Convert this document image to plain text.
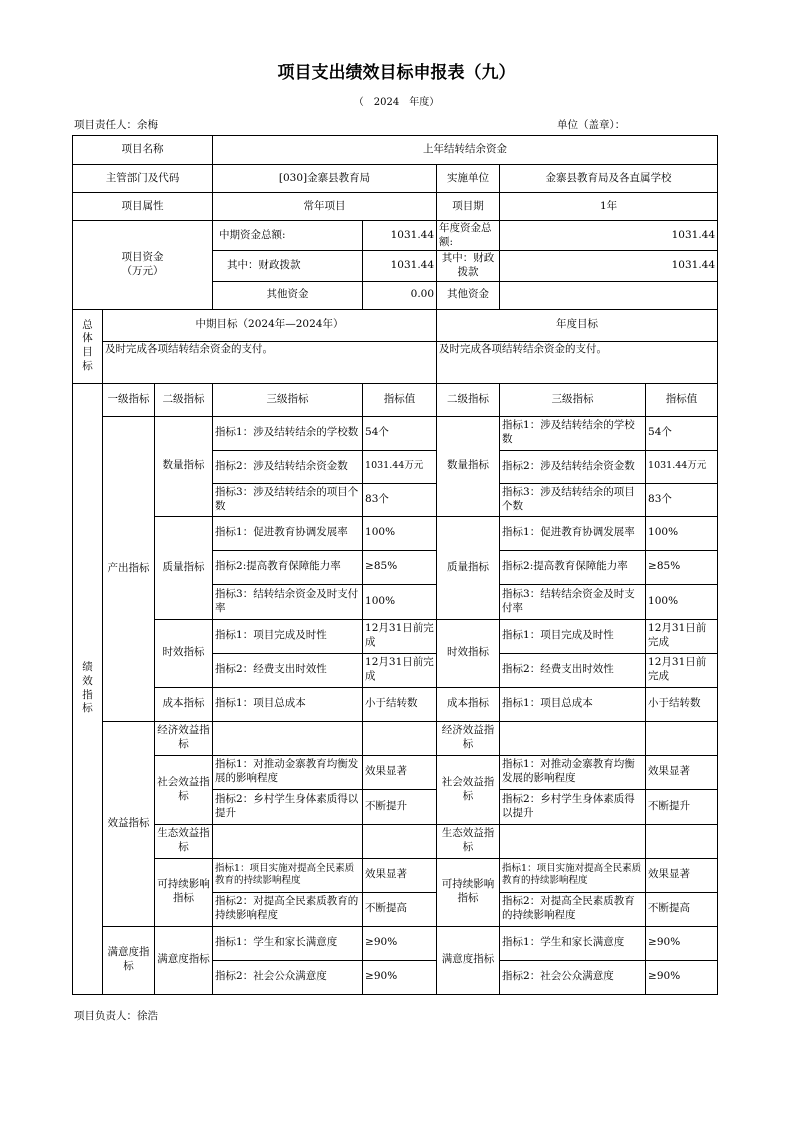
项目支出绩效目标申报表（九）
（　2024　年度）
项目责任人：余梅	单位（盖章）：
项目名称			上年结转结余资金				
主管部门及代码			[030]金寨县教育局		实施单位	金寨县教育局及各直属学校	
项目属性			常年项目		项目期	1年	
项目资金
（万元）			中期资金总额:	1031.44	年度资金总额:	1031.44	
			其中：财政拨款	1031.44	其中：财政拨款	1031.44	
			其他资金	0.00	其他资金		
总
体
目
标	中期目标（2024年—2024年）				年度目标		
	及时完成各项结转结余资金的支付。				及时完成各项结转结余资金的支付。		
绩
效
指
标	一级指标	二级指标	三级指标	指标值	二级指标	三级指标	指标值
	产出指标	数量指标	指标1：涉及结转结余的学校数	54个	数量指标	指标1：涉及结转结余的学校数	54个
			指标2：涉及结转结余资金数	1031.44万元		指标2：涉及结转结余资金数	1031.44万元
			指标3：涉及结转结余的项目个数	83个		指标3：涉及结转结余的项目个数	83个
		质量指标	指标1：促进教育协调发展率	100%	质量指标	指标1：促进教育协调发展率	100%
			指标2:提高教育保障能力率	≥85%		指标2:提高教育保障能力率	≥85%
			指标3：结转结余资金及时支付率	100%		指标3：结转结余资金及时支付率	100%
		时效指标	指标1：项目完成及时性	12月31日前完成	时效指标	指标1：项目完成及时性	12月31日前完成
			指标2：经费支出时效性	12月31日前完成		指标2：经费支出时效性	12月31日前完成
		成本指标	指标1：项目总成本	小于结转数	成本指标	指标1：项目总成本	小于结转数
	效益指标	经济效益指标			经济效益指标		
		社会效益指标	指标1：对推动金寨教育均衡发展的影响程度	效果显著	社会效益指标	指标1：对推动金寨教育均衡发展的影响程度	效果显著
			指标2：乡村学生身体素质得以提升	不断提升		指标2：乡村学生身体素质得以提升	不断提升
		生态效益指标			生态效益指标		
		可持续影响指标	指标1：项目实施对提高全民素质教育的持续影响程度	效果显著	可持续影响指标	指标1：项目实施对提高全民素质教育的持续影响程度	效果显著
			指标2：对提高全民素质教育的持续影响程度	不断提高		指标2：对提高全民素质教育的持续影响程度	不断提高
	满意度指标	满意度指标	指标1：学生和家长满意度	≥90%	满意度指标	指标1：学生和家长满意度	≥90%
			指标2：社会公众满意度	≥90%		指标2：社会公众满意度	≥90%
项目负责人：徐浩
